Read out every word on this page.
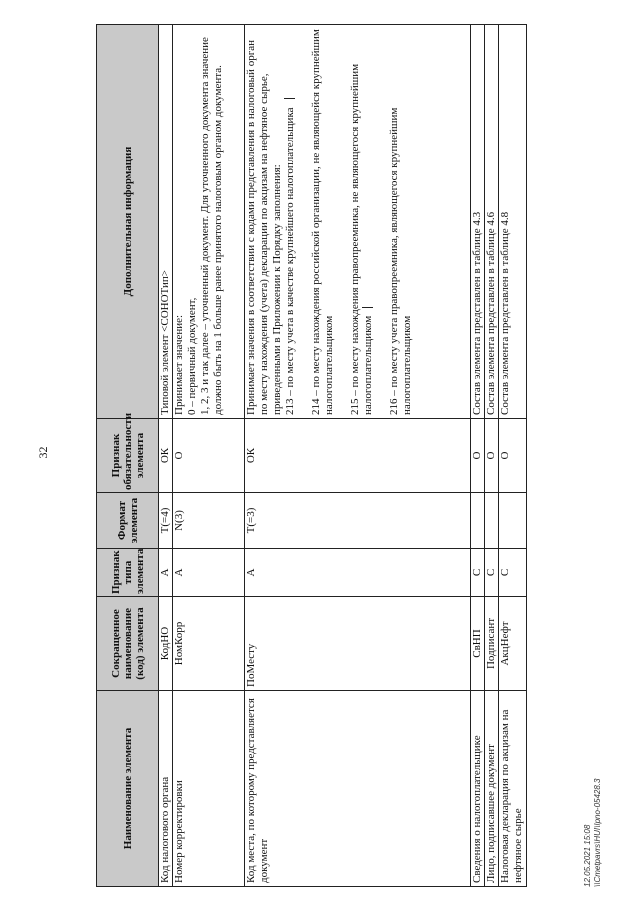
32
Наименование элемента	Сокращенное наименование (код) элемента	Признак типа элемента	Формат элемента	Признак обязательности элемента	Дополнительная информация
Код налогового органа	КодНО	А	T(=4)	ОК	Типовой элемент <СОНОТип>

Номер корректировки	НомКорр	А	N(3)	О	Принимает значение: 0 – первичный документ, 1, 2, 3 и так далее – уточненный документ. Для уточненного документа значение должно быть на 1 больше ранее принятого налоговым органом документа.

Код места, по которому представляется документ	ПоМесту	А	T(=3)	ОК	Принимает значения в соответствии с кодами представления в налоговый орган по месту нахождения (учета) декларации по акцизам на нефтяное сырье, приведенными в Приложении к Порядку заполнения: 213 – по месту учета в качестве крупнейшего налогоплательщика 214 – по месту нахождения российской организации, не являющейся крупнейшим налогоплательщиком 215 – по месту нахождения правопреемника, не являющегося крупнейшим налогоплательщиком 216 – по месту учета правопреемника, являющегося крупнейшим налогоплательщиком

Сведения о налогоплательщике	СвНП	С		О	Состав элемента представлен в таблице 4.3

Лицо, подписавшее документ	Подписант	С		О	Состав элемента представлен в таблице 4.6

Налоговая декларация по акцизам на нефтяное сырье	АкцНефт	С		О	Состав элемента представлен в таблице 4.8
12.05.2021 15:08 \\Cmetpavrs\HUI\Ipno-05428.3
